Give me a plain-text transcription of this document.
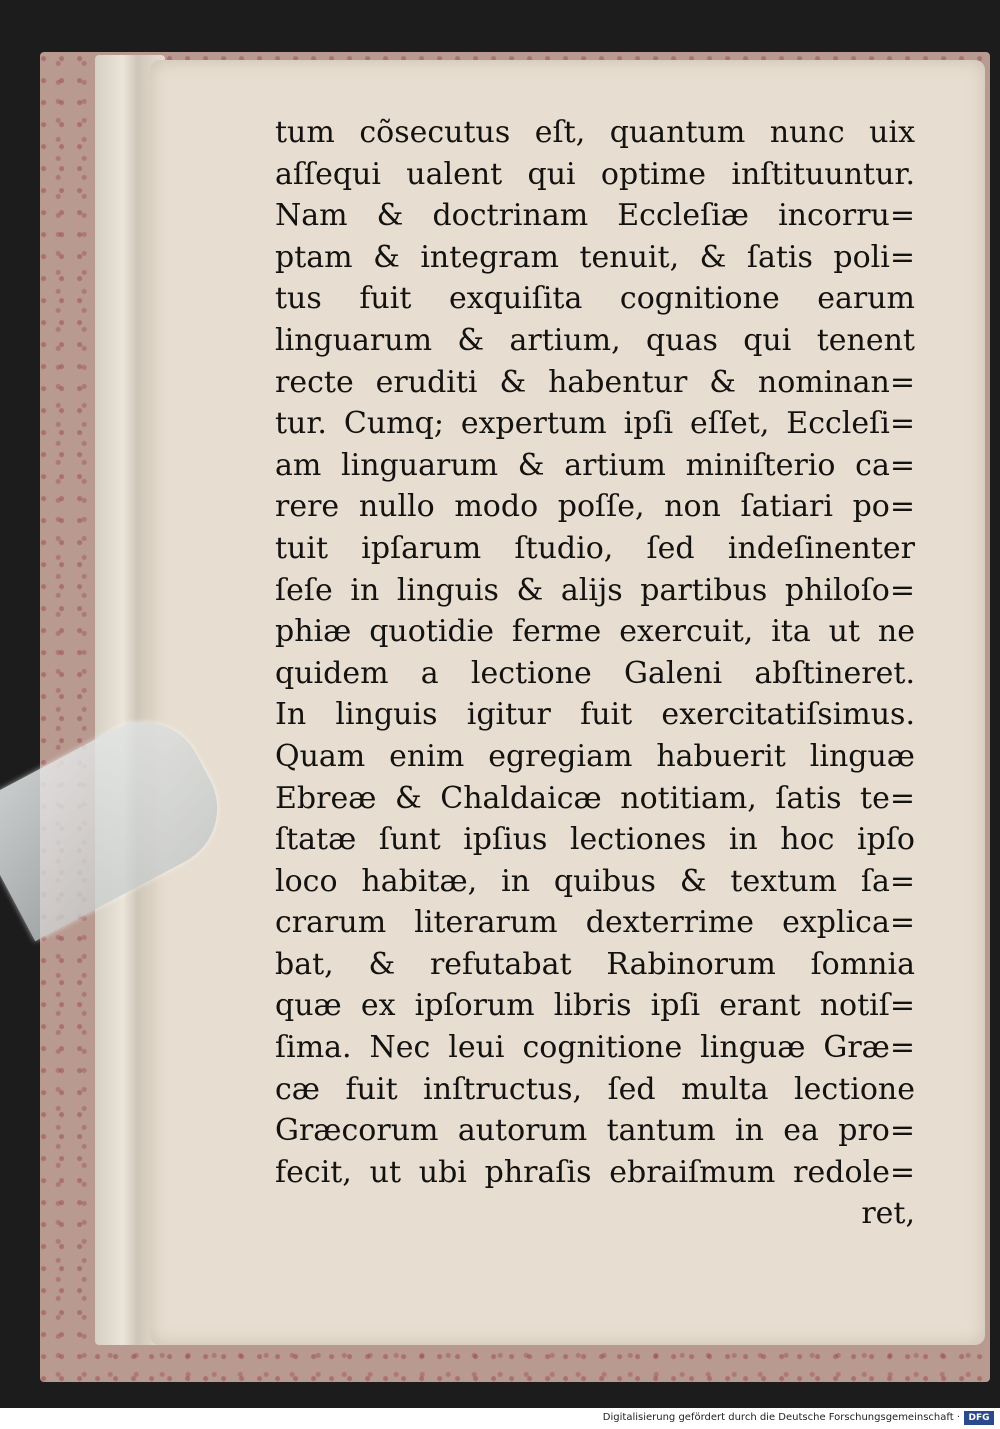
tum cõsecutus eſt, quantum nunc uix
aſſequi ualent qui optime inſtituuntur.
Nam & doctrinam Eccleſiæ incorru=
ptam & integram tenuit, & ſatis poli=
tus fuit exquiſita cognitione earum
linguarum & artium, quas qui tenent
recte eruditi & habentur & nominan=
tur. Cumq; expertum ipſi eſſet, Eccleſi=
am linguarum & artium miniſterio ca=
rere nullo modo poſſe, non ſatiari po=
tuit ipſarum ſtudio, ſed indeſinenter
ſeſe in linguis & alijs partibus philoſo=
phiæ quotidie ferme exercuit, ita ut ne
quidem a lectione Galeni abſtineret.
In linguis igitur fuit exercitatiſsimus.
Quam enim egregiam habuerit linguæ
Ebreæ & Chaldaicæ notitiam, ſatis te=
ſtatæ ſunt ipſius lectiones in hoc ipſo
loco habitæ, in quibus & textum ſa=
crarum literarum dexterrime explica=
bat, & refutabat Rabinorum ſomnia
quæ ex ipſorum libris ipſi erant notiſ=
ſima. Nec leui cognitione linguæ Græ=
cæ fuit inſtructus, ſed multa lectione
Græcorum autorum tantum in ea pro=
fecit, ut ubi phraſis ebraiſmum redole=
ret,
Digitalisierung gefördert durch die Deutsche Forschungsgemeinschaft · DFG
